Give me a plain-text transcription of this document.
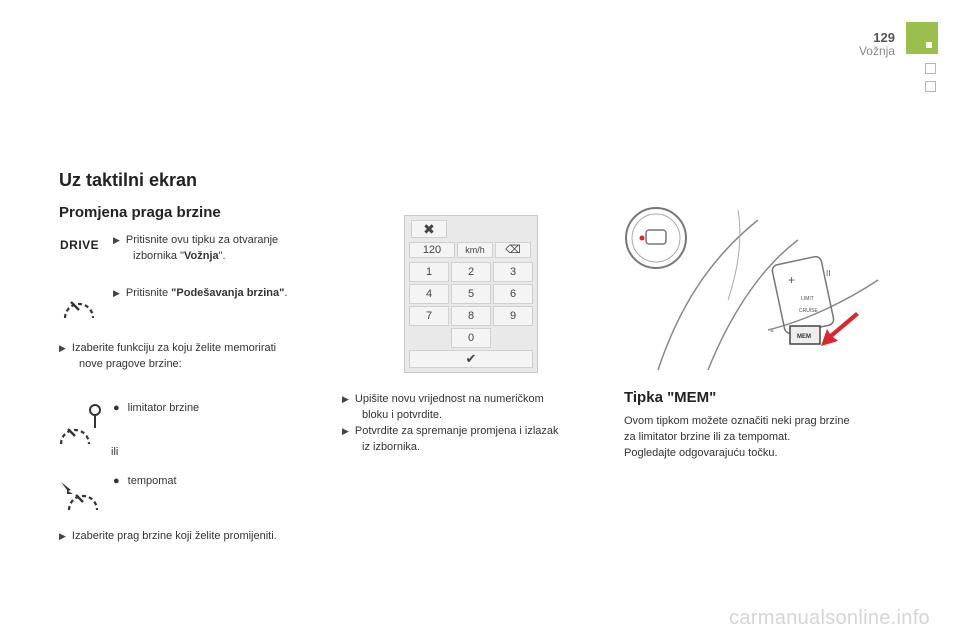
129
Vožnja
Uz taktilni ekran
Promjena praga brzine
DRIVE ▶ Pritisnite ovu tipku za otvaranje
izbornika "Vožnja".
▶ Pritisnite "Podešavanja brzina".
▶ Izaberite funkciju za koju želite memorirati
nove pragove brzine:
● limitator brzine
ili
● tempomat
▶ Izaberite prag brzine koji želite promijeniti.
✖
120	km/h	⌫
1	2	3
4	5	6
7	8	9
0
✔
▶ Upišite novu vrijednost na numeričkom
bloku i potvrdite.
▶ Potvrdite za spremanje promjena i izlazak
iz izbornika.
+	II
LIMIT
CRUISE
-	MEM
Tipka "MEM"
Ovom tipkom možete označiti neki prag brzine
za limitator brzine ili za tempomat.
Pogledajte odgovarajuću točku.
carmanualsonline.info
